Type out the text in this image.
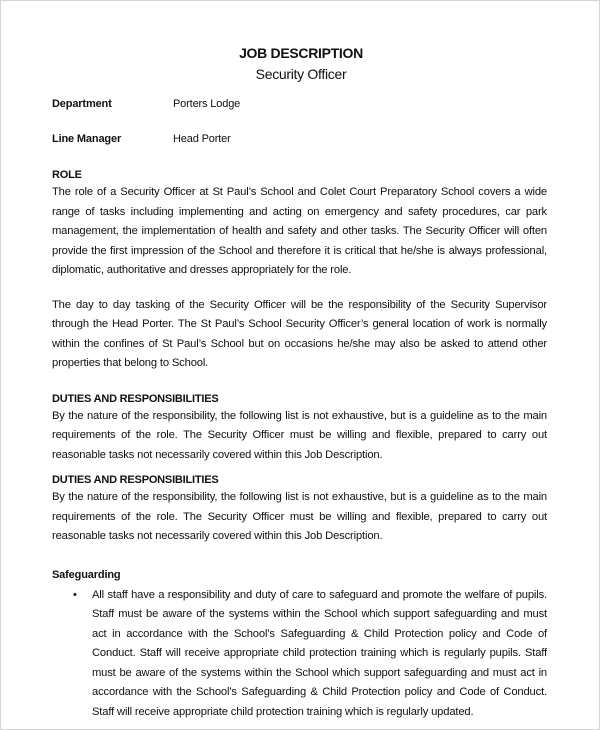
JOB DESCRIPTION
Security Officer
Department	Porters Lodge
Line Manager	Head Porter
ROLE

The role of a Security Officer at St Paul’s School and Colet Court Preparatory School covers a wide range of tasks including implementing and acting on emergency and safety procedures, car park management, the implementation of health and safety and other tasks. The Security Officer will often provide the first impression of the School and therefore it is critical that he/she is always professional, diplomatic, authoritative and dresses appropriately for the role.

The day to day tasking of the Security Officer will be the responsibility of the Security Supervisor through the Head Porter. The St Paul’s School Security Officer’s general location of work is normally within the confines of St Paul’s School but on occasions he/she may also be asked to attend other properties that belong to School.

DUTIES AND RESPONSIBILITIES

By the nature of the responsibility, the following list is not exhaustive, but is a guideline as to the main requirements of the role. The Security Officer must be willing and flexible, prepared to carry out reasonable tasks not necessarily covered within this Job Description.

DUTIES AND RESPONSIBILITIES

By the nature of the responsibility, the following list is not exhaustive, but is a guideline as to the main requirements of the role. The Security Officer must be willing and flexible, prepared to carry out reasonable tasks not necessarily covered within this Job Description.

Safeguarding
•	All staff have a responsibility and duty of care to safeguard and promote the welfare of pupils. Staff must be aware of the systems within the School which support safeguarding and must act in accordance with the School’s Safeguarding & Child Protection policy and Code of Conduct. Staff will receive appropriate child protection training which is regularly pupils. Staff must be aware of the systems within the School which support safeguarding and must act in accordance with the School’s Safeguarding & Child Protection policy and Code of Conduct. Staff will receive appropriate child protection training which is regularly updated.
